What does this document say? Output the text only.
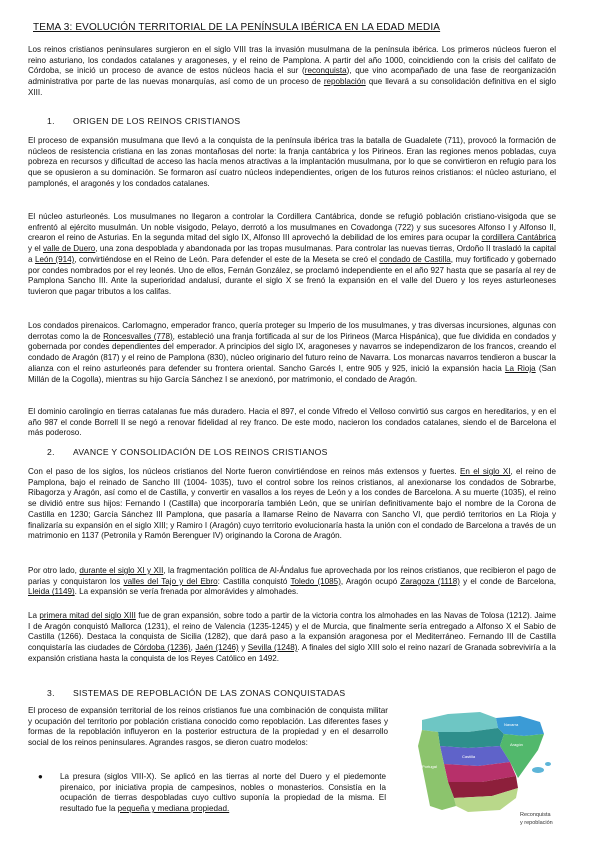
TEMA 3: EVOLUCIÓN TERRITORIAL DE LA PENÍNSULA IBÉRICA EN LA EDAD MEDIA

Los reinos cristianos peninsulares surgieron en el siglo VIII tras la invasión musulmana de la península ibérica. Los primeros núcleos fueron el reino asturiano, los condados catalanes y aragoneses, y el reino de Pamplona. A partir del año 1000, coincidiendo con la crisis del califato de Córdoba, se inició un proceso de avance de estos núcleos hacia el sur (reconquista), que vino acompañado de una fase de reorganización administrativa por parte de las nuevas monarquías, así como de un proceso de repoblación que llevará a su consolidación definitiva en el siglo XIII.

1. ORIGEN DE LOS REINOS CRISTIANOS

El proceso de expansión musulmana que llevó a la conquista de la península ibérica tras la batalla de Guadalete (711), provocó la formación de núcleos de resistencia cristiana en las zonas montañosas del norte: la franja cantábrica y los Pirineos. Eran las regiones menos pobladas, cuya pobreza en recursos y dificultad de acceso las hacía menos atractivas a la implantación musulmana, por lo que se convirtieron en refugio para los que se opusieron a su dominación. Se formaron así cuatro núcleos independientes, origen de los futuros reinos cristianos: el núcleo asturiano, el pamplonés, el aragonés y los condados catalanes.

El núcleo asturleonés. Los musulmanes no llegaron a controlar la Cordillera Cantábrica, donde se refugió población cristiano-visigoda que se enfrentó al ejército musulmán. Un noble visigodo, Pelayo, derrotó a los musulmanes en Covadonga (722) y sus sucesores Alfonso I y Alfonso II, crearon el reino de Asturias. En la segunda mitad del siglo IX, Alfonso III aprovechó la debilidad de los emires para ocupar la cordillera Cantábrica y el valle de Duero, una zona despoblada y abandonada por las tropas musulmanas. Para controlar las nuevas tierras, Ordoño II trasladó la capital a León (914), convirtiéndose en el Reino de León. Para defender el este de la Meseta se creó el condado de Castilla, muy fortificado y gobernado por condes nombrados por el rey leonés. Uno de ellos, Fernán González, se proclamó independiente en el año 927 hasta que se pasaría al rey de Pamplona Sancho III. Ante la superioridad andalusí, durante el siglo X se frenó la expansión en el valle del Duero y los reyes asturleoneses tuvieron que pagar tributos a los califas.

Los condados pirenaicos. Carlomagno, emperador franco, quería proteger su Imperio de los musulmanes, y tras diversas incursiones, algunas con derrotas como la de Roncesvalles (778), estableció una franja fortificada al sur de los Pirineos (Marca Hispánica), que fue dividida en condados y gobernada por condes dependientes del emperador. A principios del siglo IX, aragoneses y navarros se independizaron de los francos, creando el condado de Aragón (817) y el reino de Pamplona (830), núcleo originario del futuro reino de Navarra. Los monarcas navarros tendieron a buscar la alianza con el reino asturleonés para defender su frontera oriental. Sancho Garcés I, entre 905 y 925, inició la expansión hacia La Rioja (San Millán de la Cogolla), mientras su hijo García Sánchez I se anexionó, por matrimonio, el condado de Aragón.

El dominio carolingio en tierras catalanas fue más duradero. Hacia el 897, el conde Vifredo el Velloso convirtió sus cargos en hereditarios, y en el año 987 el conde Borrell II se negó a renovar fidelidad al rey franco. De este modo, nacieron los condados catalanes, siendo el de Barcelona el más poderoso.

2. AVANCE Y CONSOLIDACIÓN DE LOS REINOS CRISTIANOS

Con el paso de los siglos, los núcleos cristianos del Norte fueron convirtiéndose en reinos más extensos y fuertes. En el siglo XI, el reino de Pamplona, bajo el reinado de Sancho III (1004- 1035), tuvo el control sobre los reinos cristianos, al anexionarse los condados de Sobrarbe, Ribagorza y Aragón, así como el de Castilla, y convertir en vasallos a los reyes de León y a los condes de Barcelona. A su muerte (1035), el reino se dividió entre sus hijos: Fernando I (Castilla) que incorporaría también León, que se unirían definitivamente bajo el nombre de la Corona de Castilla en 1230; García Sánchez III Pamplona, que pasaría a llamarse Reino de Navarra con Sancho VI, que perdió territorios en La Rioja y finalizaría su expansión en el siglo XIII; y Ramiro I (Aragón) cuyo territorio evolucionaría hasta la unión con el condado de Barcelona a través de un matrimonio en 1137 (Petronila y Ramón Berenguer IV) originando la Corona de Aragón.

Por otro lado, durante el siglo XI y XII, la fragmentación política de Al-Ándalus fue aprovechada por los reinos cristianos, que recibieron el pago de parias y conquistaron los valles del Tajo y del Ebro: Castilla conquistó Toledo (1085), Aragón ocupó Zaragoza (1118) y el conde de Barcelona, Lleida (1149). La expansión se vería frenada por almorávides y almohades.

La primera mitad del siglo XIII fue de gran expansión, sobre todo a partir de la victoria contra los almohades en las Navas de Tolosa (1212). Jaime I de Aragón conquistó Mallorca (1231), el reino de Valencia (1235-1245) y el de Murcia, que finalmente sería entregado a Alfonso X el Sabio de Castilla (1266). Destaca la conquista de Sicilia (1282), que dará paso a la expansión aragonesa por el Mediterráneo. Fernando III de Castilla conquistaría las ciudades de Córdoba (1236), Jaén (1246) y Sevilla (1248). A finales del siglo XIII solo el reino nazarí de Granada sobreviviría a la expansión cristiana hasta la conquista de los Reyes Católico en 1492.

3. SISTEMAS DE REPOBLACIÓN DE LAS ZONAS CONQUISTADAS

El proceso de expansión territorial de los reinos cristianos fue una combinación de conquista militar y ocupación del territorio por población cristiana conocido como repoblación. Las diferentes fases y formas de la repoblación influyeron en la posterior estructura de la propiedad y en el desarrollo social de los reinos peninsulares. Agrandes rasgos, se dieron cuatro modelos:

● La presura (siglos VIII-X). Se aplicó en las tierras al norte del Duero y el piedemonte pirenaico, por iniciativa propia de campesinos, nobles o monasterios. Consistía en la ocupación de tierras despobladas cuyo cultivo suponía la propiedad de la misma. El resultado fue la pequeña y mediana propiedad.

Navarra
Aragón
Castilla
Portugal
Reconquista
y repoblación
